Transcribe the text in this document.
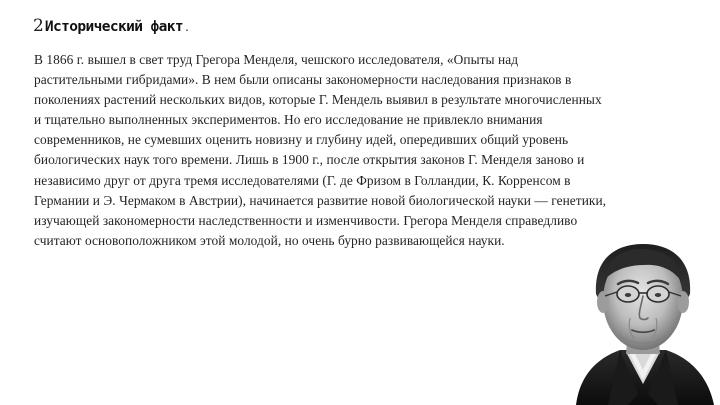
2 Исторический факт .

В 1866 г. вышел в свет труд Грегора Менделя, чешского исследователя, «Опыты над
растительными гибридами». В нем были описаны закономерности наследования признаков в
поколениях растений нескольких видов, которые Г. Мендель выявил в результате многочисленных
и тщательно выполненных экспериментов. Но его исследование не привлекло внимания
современников, не сумевших оценить новизну и глубину идей, опередивших общий уровень
биологических наук того времени. Лишь в 1900 г., после открытия законов Г. Менделя заново и
независимо друг от друга тремя исследователями (Г. де Фризом в Голландии, К. Корренсом в
Германии и Э. Чермаком в Австрии), начинается развитие новой биологической науки — генетики,
изучающей закономерности наследственности и изменчивости. Грегора Менделя справедливо
считают основоположником этой молодой, но очень бурно развивающейся науки.
